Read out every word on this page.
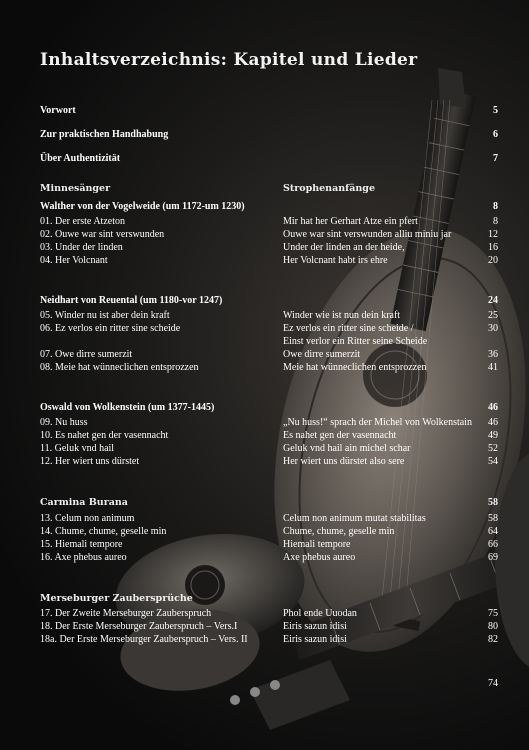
Inhaltsverzeichnis: Kapitel und Lieder
Vorwort	5
Zur praktischen Handhabung	6
Über Authentizität	7
Minnesänger	Strophenanfänge
Walther von der Vogelweide (um 1172-um 1230)	8
01. Der erste Atzeton	Mir hat her Gerhart Atze ein pfert	8
02. Ouwe war sint verswunden	Ouwe war sint verswunden alliu miniu jar	12
03. Under der linden	Under der linden an der heide,	16
04. Her Volcnant	Her Volcnant habt irs ehre	20
Neidhart von Reuental (um 1180-vor 1247)	24
05. Winder nu ist aber dein kraft	Winder wie ist nun dein kraft	25
06. Ez verlos ein ritter sine scheide	Ez verlos ein ritter sine scheide /	30
Einst verlor ein Ritter seine Scheide
07. Owe dirre sumerzit	Owe dirre sumerzit	36
08. Meie hat wünneclichen entsprozzen	Meie hat wünneclichen entsprozzen	41
Oswald von Wolkenstein (um 1377-1445)	46
09. Nu huss	„Nu huss!“ sprach der Michel von Wolkenstain 46
10. Es nahet gen der vasennacht	Es nahet gen der vasennacht	49
11. Geluk vnd hail	Geluk vnd hail ain michel schar	52
12. Her wiert uns dürstet	Her wiert uns dürstet also sere	54
Carmina Burana	58
13. Celum non animum	Celum non animum mutat stabilitas	58
14. Chume, chume, geselle min	Chume, chume, geselle min	64
15. Hiemali tempore	Hiemali tempore	66
16. Axe phebus aureo	Axe phebus aureo	69
Merseburger Zaubersprüche
17. Der Zweite Merseburger Zauberspruch	Phol ende Uuodan	75
18. Der Erste Merseburger Zauberspruch – Vers.I	Eiris sazun idisi	80
18a. Der Erste Merseburger Zauberspruch – Vers. II	Eiris sazun idisi	82
74
